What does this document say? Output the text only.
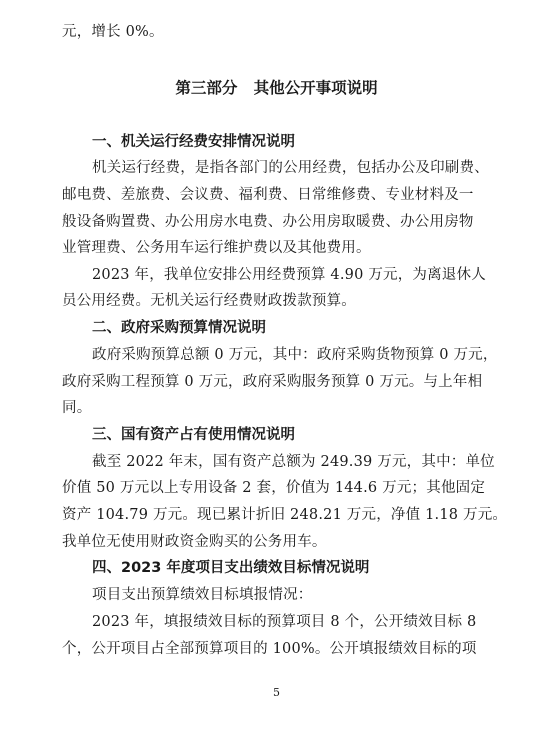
元，增长 0%。
第三部分   其他公开事项说明
一、机关运行经费安排情况说明
机关运行经费，是指各部门的公用经费，包括办公及印刷费、
邮电费、差旅费、会议费、福利费、日常维修费、专业材料及一
般设备购置费、办公用房水电费、办公用房取暖费、办公用房物
业管理费、公务用车运行维护费以及其他费用。
2023 年，我单位安排公用经费预算 4.90 万元，为离退休人
员公用经费。无机关运行经费财政拨款预算。
二、政府采购预算情况说明
政府采购预算总额 0 万元，其中：政府采购货物预算 0 万元，
政府采购工程预算 0 万元，政府采购服务预算 0 万元。与上年相
同。
三、国有资产占有使用情况说明
截至 2022 年末，国有资产总额为 249.39 万元，其中：单位
价值 50 万元以上专用设备 2 套，价值为 144.6 万元；其他固定
资产 104.79 万元。现已累计折旧 248.21 万元，净值 1.18 万元。
我单位无使用财政资金购买的公务用车。
四、2023 年度项目支出绩效目标情况说明
项目支出预算绩效目标填报情况：
2023 年，填报绩效目标的预算项目 8 个，公开绩效目标 8
个，公开项目占全部预算项目的 100%。公开填报绩效目标的项
5
